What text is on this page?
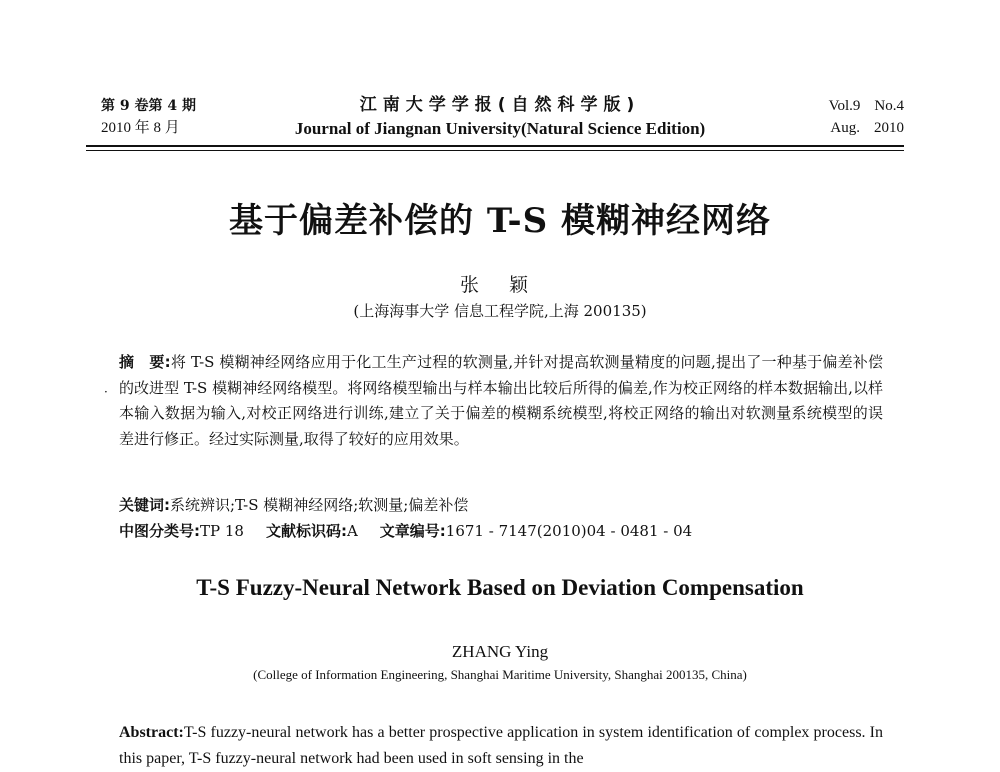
第 9 卷第 4 期
2010 年 8 月
江南大学学报(自然科学版)
Journal of Jiangnan University(Natural Science Edition)
Vol.9 No.4
Aug. 2010
基于偏差补偿的 T-S 模糊神经网络
张 颖
(上海海事大学 信息工程学院,上海 200135)
·
摘　要:将 T-S 模糊神经网络应用于化工生产过程的软测量,并针对提高软测量精度的问题,提出了一种基于偏差补偿的改进型 T-S 模糊神经网络模型。将网络模型输出与样本输出比较后所得的偏差,作为校正网络的样本数据输出,以样本输入数据为输入,对校正网络进行训练,建立了关于偏差的模糊系统模型,将校正网络的输出对软测量系统模型的误差进行修正。经过实际测量,取得了较好的应用效果。
关键词:系统辨识;T-S 模糊神经网络;软测量;偏差补偿
中图分类号:TP 18 文献标识码:A 文章编号:1671 - 7147(2010)04 - 0481 - 04
T-S Fuzzy-Neural Network Based on Deviation Compensation
ZHANG Ying
(College of Information Engineering, Shanghai Maritime University, Shanghai 200135, China)
Abstract:T-S fuzzy-neural network has a better prospective application in system identification of complex process. In this paper, T-S fuzzy-neural network had been used in soft sensing in the
